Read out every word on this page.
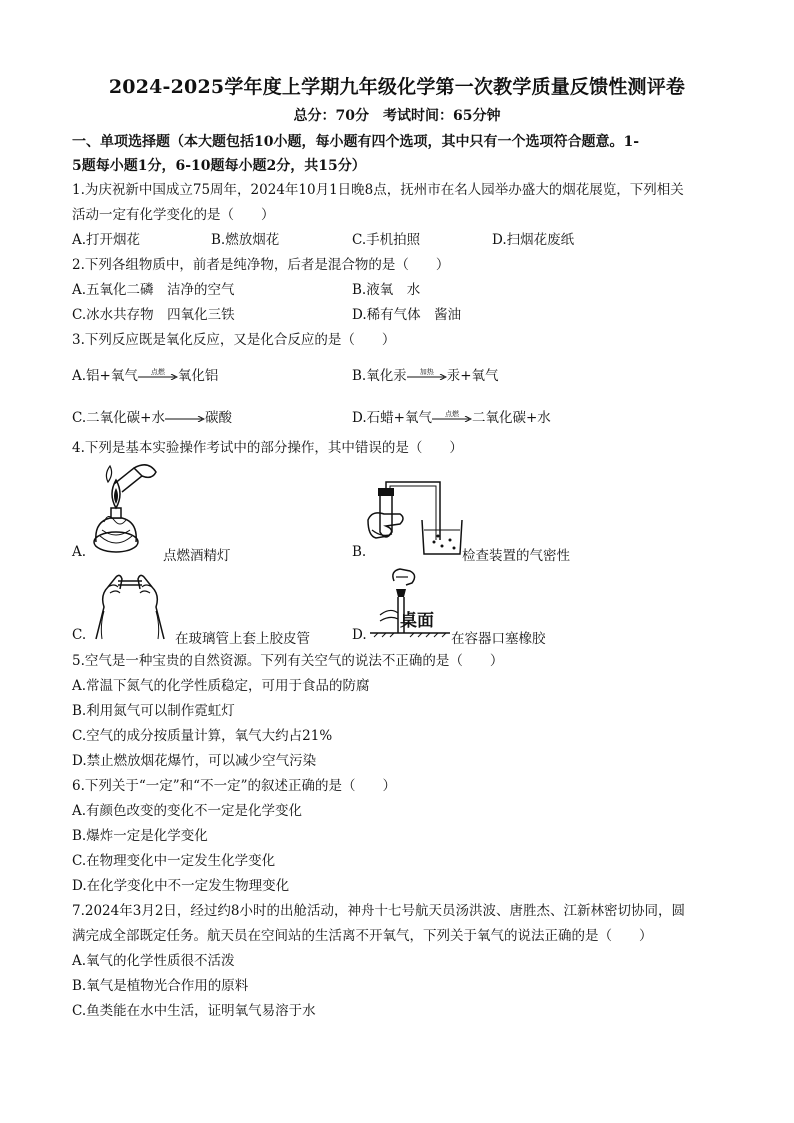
2024-2025学年度上学期九年级化学第一次教学质量反馈性测评卷
总分：70分　考试时间：65分钟
一、单项选择题（本大题包括10小题，每小题有四个选项，其中只有一个选项符合题意。1-
5题每小题1分，6-10题每小题2分，共15分）
1.为庆祝新中国成立75周年，2024年10月1日晚8点，抚州市在名人园举办盛大的烟花展览，下列相关
活动一定有化学变化的是（　　）
A.打开烟花	B.燃放烟花	C.手机拍照	D.扫烟花废纸
2.下列各组物质中，前者是纯净物，后者是混合物的是（　　）
A.五氧化二磷　洁净的空气	B.液氧　水
C.冰水共存物　四氧化三铁	D.稀有气体　酱油
3.下列反应既是氧化反应，又是化合反应的是（　　）
A.铝+氧气	点燃 氧化铝	B.氧化汞	加热 汞+氧气
C.二氧化碳+水→碳酸	D.石蜡+氧气	点燃 二氧化碳+水
4.下列是基本实验操作考试中的部分操作，其中错误的是（　　）
A.	点燃酒精灯	B.	检查装置的气密性
C.	在玻璃管上套上胶皮管
桌面
D.	在容器口塞橡胶
5.空气是一种宝贵的自然资源。下列有关空气的说法不正确的是（　　）
A.常温下氮气的化学性质稳定，可用于食品的防腐
B.利用氮气可以制作霓虹灯
C.空气的成分按质量计算，氧气大约占21%
D.禁止燃放烟花爆竹，可以减少空气污染
6.下列关于“一定”和“不一定”的叙述正确的是（　　）
A.有颜色改变的变化不一定是化学变化
B.爆炸一定是化学变化
C.在物理变化中一定发生化学变化
D.在化学变化中不一定发生物理变化
7.2024年3月2日，经过约8小时的出舱活动，神舟十七号航天员汤洪波、唐胜杰、江新林密切协同，圆
满完成全部既定任务。航天员在空间站的生活离不开氧气，下列关于氧气的说法正确的是（　　）
A.氧气的化学性质很不活泼
B.氧气是植物光合作用的原料
C.鱼类能在水中生活，证明氧气易溶于水
